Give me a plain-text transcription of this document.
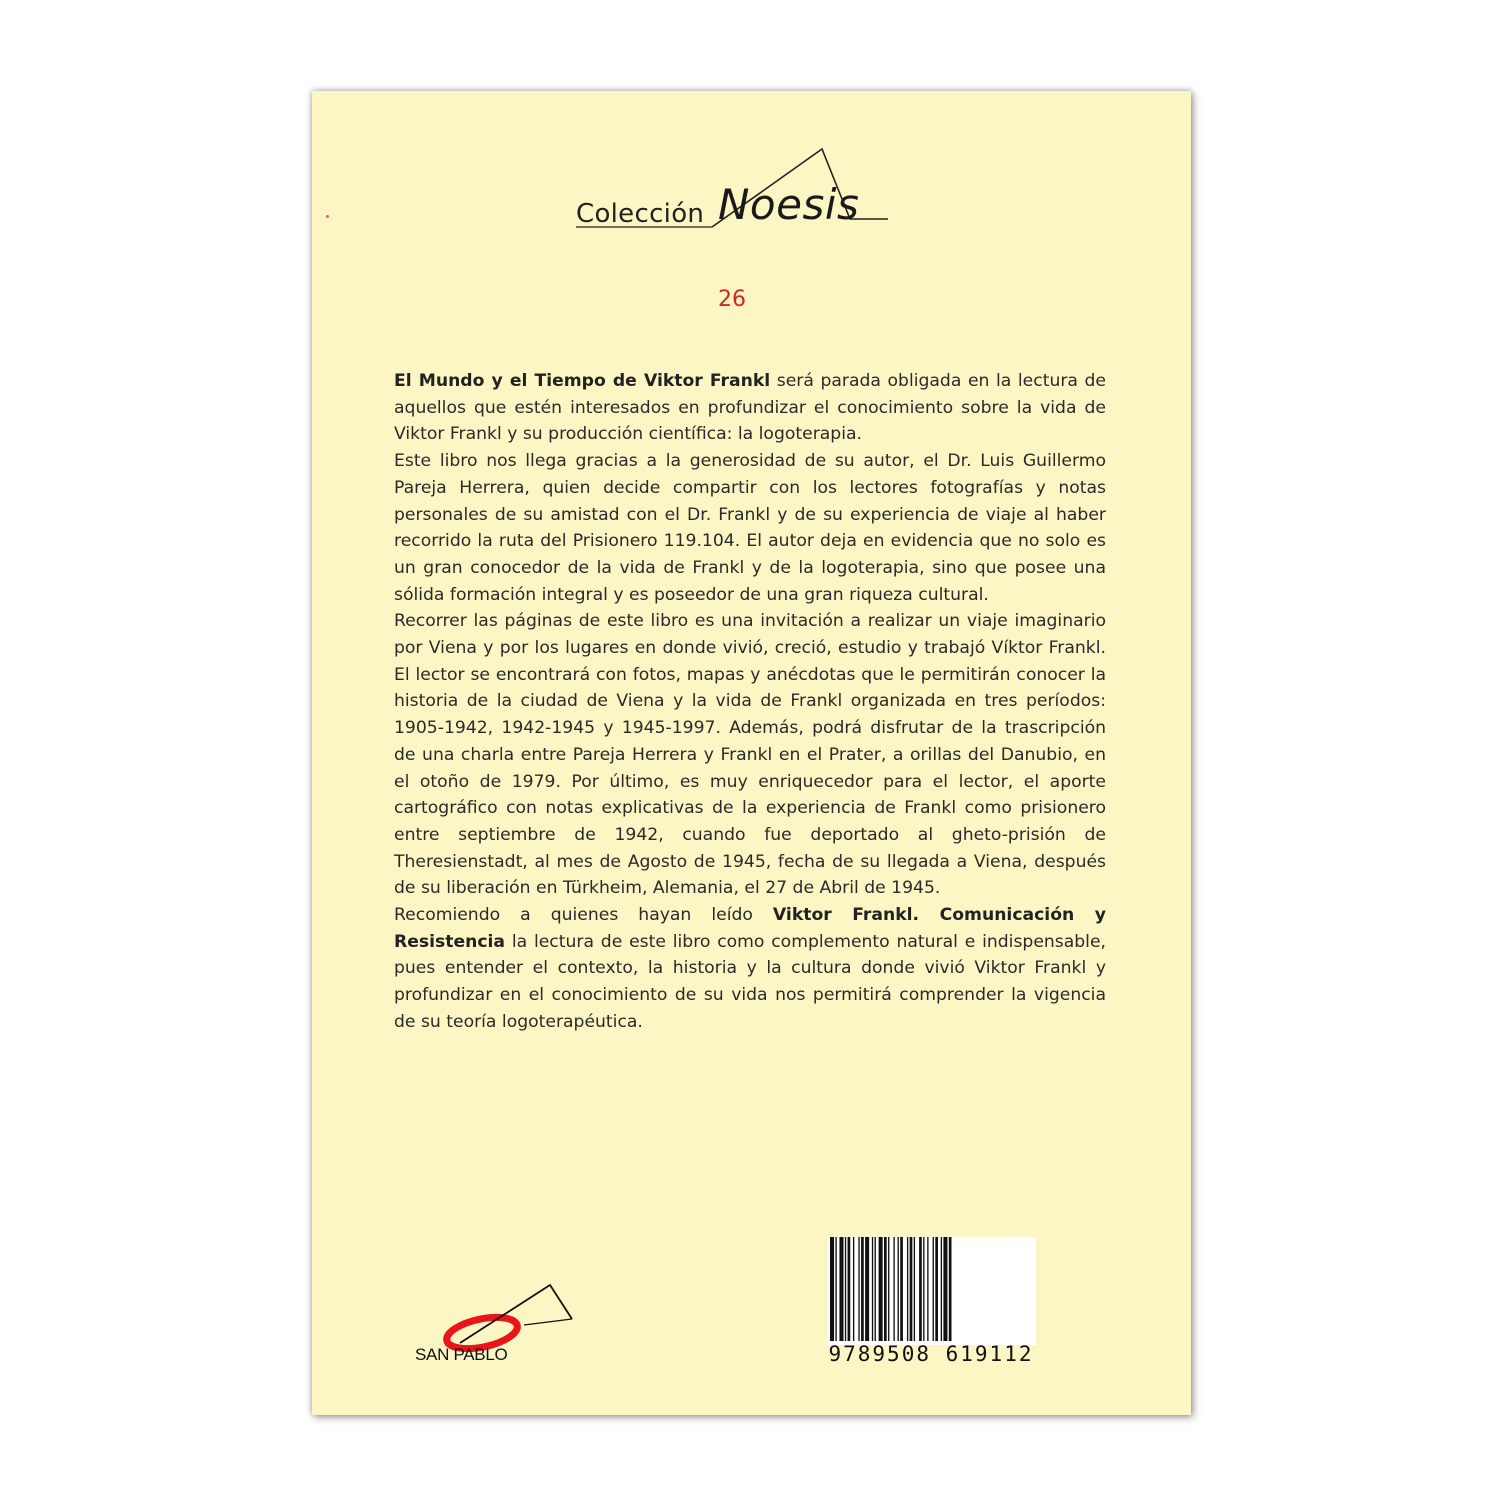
Colección Noesis
26

El Mundo y el Tiempo de Viktor Frankl será parada obligada en la lectura de aquellos que estén interesados en profundizar el conocimiento sobre la vida de Viktor Frankl y su producción científica: la logoterapia.

Este libro nos llega gracias a la generosidad de su autor, el Dr. Luis Guillermo Pareja Herrera, quien decide compartir con los lectores fotografías y notas personales de su amistad con el Dr. Frankl y de su experiencia de viaje al haber recorrido la ruta del Prisionero 119.104. El autor deja en evidencia que no solo es un gran conocedor de la vida de Frankl y de la logoterapia, sino que posee una sólida formación integral y es poseedor de una gran riqueza cultural.

Recorrer las páginas de este libro es una invitación a realizar un viaje imaginario por Viena y por los lugares en donde vivió, creció, estudio y trabajó Víktor Frankl. El lector se encontrará con fotos, mapas y anécdotas que le permitirán conocer la historia de la ciudad de Viena y la vida de Frankl organizada en tres períodos: 1905-1942, 1942-1945 y 1945-1997. Además, podrá disfrutar de la trascripción de una charla entre Pareja Herrera y Frankl en el Prater, a orillas del Danubio, en el otoño de 1979. Por último, es muy enriquecedor para el lector, el aporte cartográfico con notas explicativas de la experiencia de Frankl como prisionero entre septiembre de 1942, cuando fue deportado al gheto-prisión de Theresienstadt, al mes de Agosto de 1945, fecha de su llegada a Viena, después de su liberación en Türkheim, Alemania, el 27 de Abril de 1945.

Recomiendo a quienes hayan leído Viktor Frankl. Comunicación y Resistencia la lectura de este libro como complemento natural e indispensable, pues entender el contexto, la historia y la cultura donde vivió Viktor Frankl y profundizar en el conocimiento de su vida nos permitirá comprender la vigencia de su teoría logoterapéutica.

SAN PABLO	9789508 619112
